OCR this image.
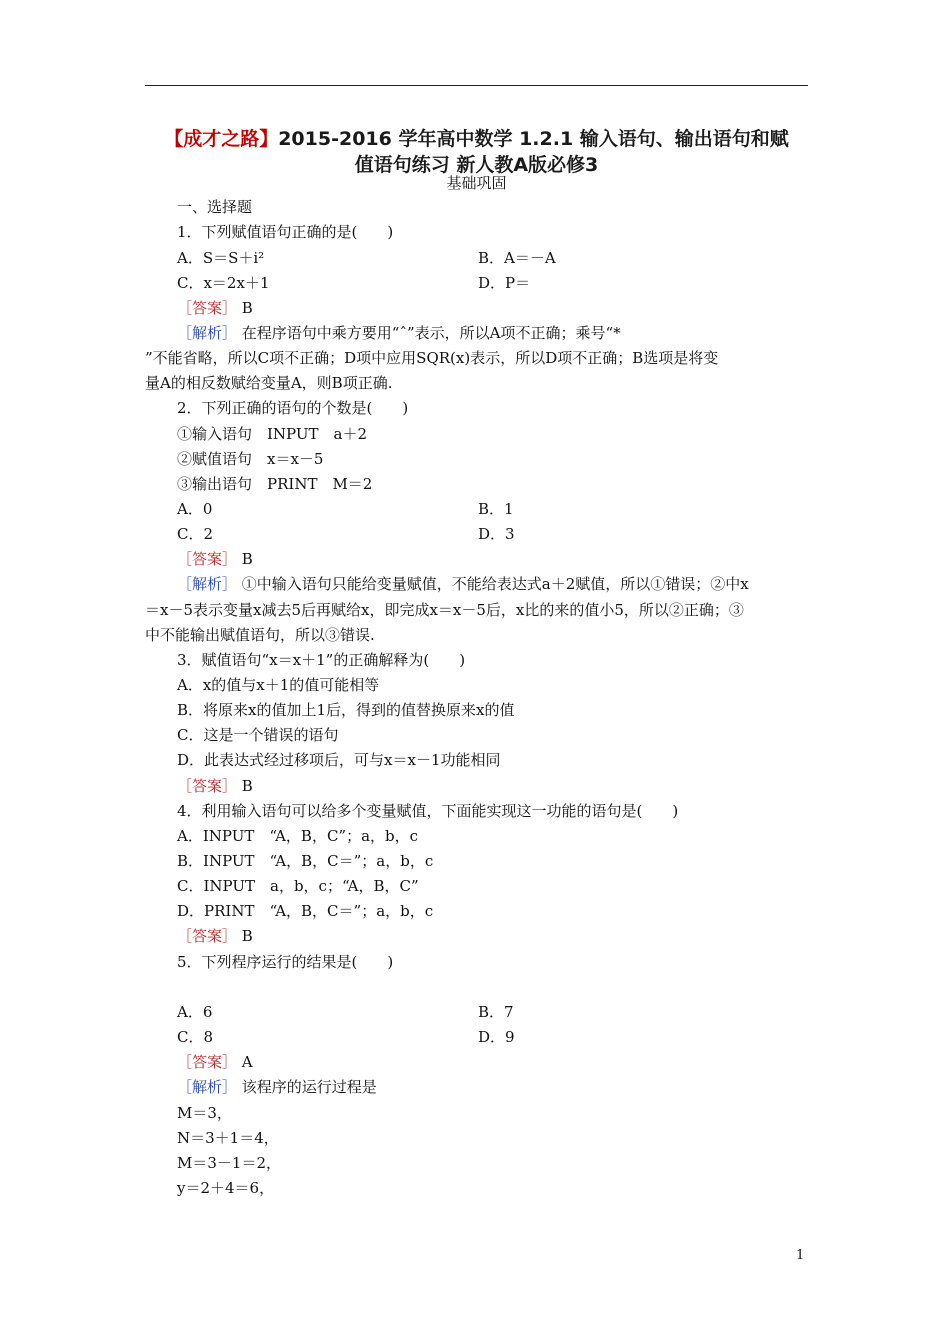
【成才之路】2015-2016 学年高中数学 1.2.1 输入语句、输出语句和赋
值语句练习 新人教A版必修3
基础巩固
一、选择题
1．下列赋值语句正确的是(　　)
A．S＝S＋i²	B．A＝－A
C．x＝2x＋1	D．P＝
［答案］ B
［解析］ 在程序语句中乘方要用“ˆ”表示，所以A项不正确；乘号“*
”不能省略，所以C项不正确；D项中应用SQR(x)表示，所以D项不正确；B选项是将变
量A的相反数赋给变量A，则B项正确.
2．下列正确的语句的个数是(　　)
①输入语句　INPUT　a＋2
②赋值语句　x＝x－5
③输出语句　PRINT　M＝2
A．0	B．1
C．2	D．3
［答案］ B
［解析］ ①中输入语句只能给变量赋值，不能给表达式a＋2赋值，所以①错误；②中x
＝x－5表示变量x减去5后再赋给x，即完成x＝x－5后，x比的来的值小5，所以②正确；③
中不能输出赋值语句，所以③错误.
3．赋值语句“x＝x＋1”的正确解释为(　　)
A．x的值与x＋1的值可能相等
B．将原来x的值加上1后，得到的值替换原来x的值
C．这是一个错误的语句
D．此表达式经过移项后，可与x＝x－1功能相同
［答案］ B
4．利用输入语句可以给多个变量赋值，下面能实现这一功能的语句是(　　)
A．INPUT　“A，B，C”；a，b，c
B．INPUT　“A，B，C＝”；a，b，c
C．INPUT　a，b，c；“A，B，C”
D．PRINT　“A，B，C＝”；a，b，c
［答案］ B
5．下列程序运行的结果是(　　)
A．6	B．7
C．8	D．9
［答案］ A
［解析］ 该程序的运行过程是
M＝3，
N＝3＋1＝4，
M＝3－1＝2，
y＝2＋4＝6，
1
